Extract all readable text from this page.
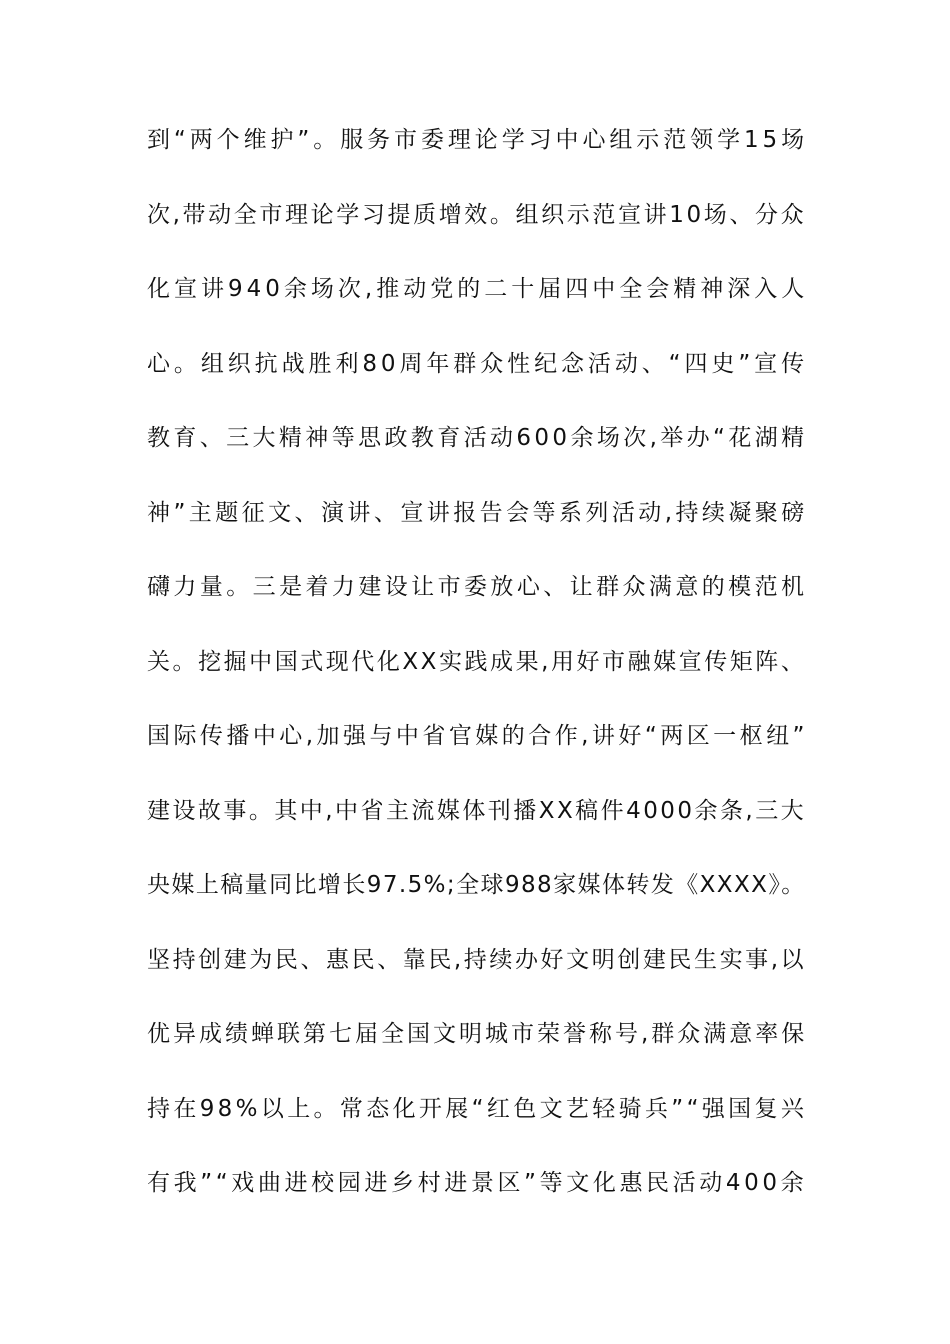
到“两个维护”。服务市委理论学习中心组示范领学15场
次,带动全市理论学习提质增效。组织示范宣讲10场、分众
化宣讲940余场次,推动党的二十届四中全会精神深入人
心。组织抗战胜利80周年群众性纪念活动、“四史”宣传
教育、三大精神等思政教育活动600余场次,举办“花湖精
神”主题征文、演讲、宣讲报告会等系列活动,持续凝聚磅
礴力量。三是着力建设让市委放心、让群众满意的模范机
关。挖掘中国式现代化XX实践成果,用好市融媒宣传矩阵、
国际传播中心,加强与中省官媒的合作,讲好“两区一枢纽”
建设故事。其中,中省主流媒体刊播XX稿件4000余条,三大
央媒上稿量同比增长97.5%;全球988家媒体转发《XXXX》。
坚持创建为民、惠民、靠民,持续办好文明创建民生实事,以
优异成绩蝉联第七届全国文明城市荣誉称号,群众满意率保
持在98%以上。常态化开展“红色文艺轻骑兵”“强国复兴
有我”“戏曲进校园进乡村进景区”等文化惠民活动400余
